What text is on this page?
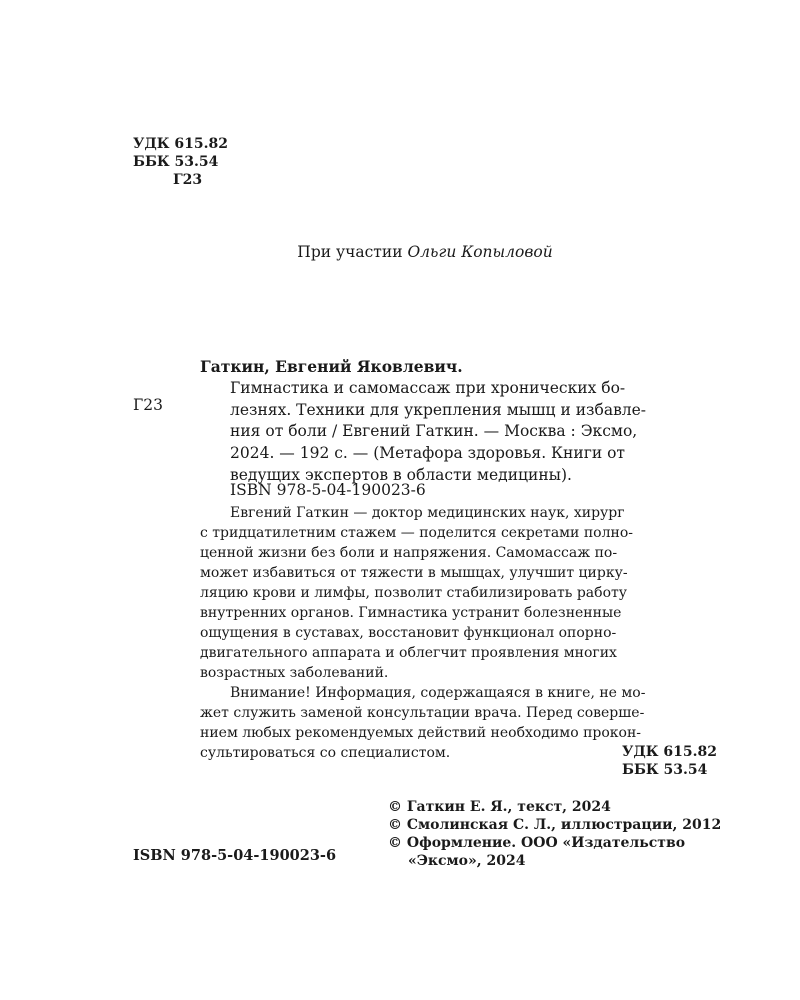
УДК 615.82
ББК 53.54
Г23
При участии Ольги Копыловой
Г23
Гаткин, Евгений Яковлевич.
Гимнастика и самомассаж при хронических бо-
лезнях. Техники для укрепления мышц и избавле-
ния от боли / Евгений Гаткин. — Москва : Эксмо,
2024. — 192 с. — (Метафора здоровья. Книги от
ведущих экспертов в области медицины).
ISBN 978-5-04-190023-6
Евгений Гаткин — доктор медицинских наук, хирург
с тридцатилетним стажем — поделится секретами полно-
ценной жизни без боли и напряжения. Самомассаж по-
может избавиться от тяжести в мышцах, улучшит цирку-
ляцию крови и лимфы, позволит стабилизировать работу
внутренних органов. Гимнастика устранит болезненные
ощущения в суставах, восстановит функционал опорно-
двигательного аппарата и облегчит проявления многих
возрастных заболеваний.
Внимание! Информация, содержащаяся в книге, не мо-
жет служить заменой консультации врача. Перед соверше-
нием любых рекомендуемых действий необходимо прокон-
сультироваться со специалистом.	УДК 615.82
ББК 53.54
© Гаткин Е. Я., текст, 2024
© Смолинская С. Л., иллюстрации, 2012
© Оформление. ООО «Издательство
«Эксмо», 2024
ISBN 978-5-04-190023-6
